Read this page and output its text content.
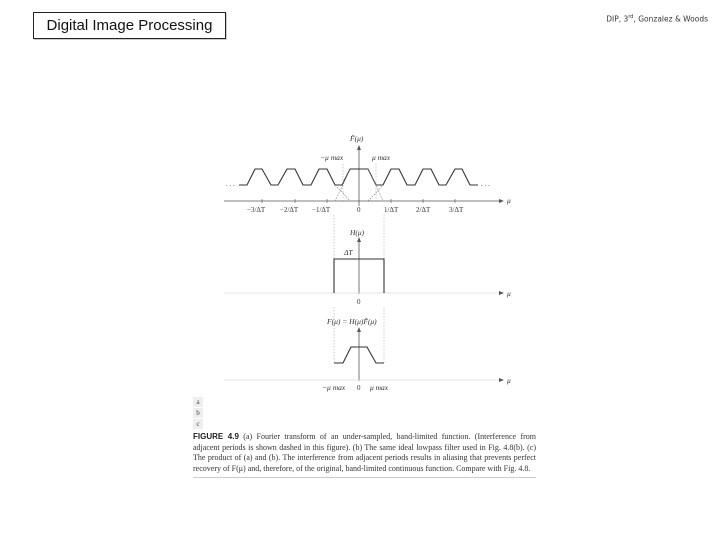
Digital Image Processing	DIP, 3rd, Gonzalez & Woods
F̃(μ)
−μ max	μ max
. . .	. . .
μ
−3/ΔT −2/ΔT −1/ΔT	0	1/ΔT	2/ΔT	3/ΔT
H(μ)
ΔT
0
μ
F(μ) = H(μ)F̃(μ)
−μ max 0 μ max
μ
a
b
c
FIGURE 4.9 (a) Fourier transform of an under-sampled, band-limited function. (Interference from adjacent periods is shown dashed in this figure). (b) The same ideal lowpass filter used in Fig. 4.8(b). (c) The product of (a) and (b). The interference from adjacent periods results in aliasing that prevents perfect recovery of F(μ) and, therefore, of the original, band-limited continuous function. Compare with Fig. 4.8.
